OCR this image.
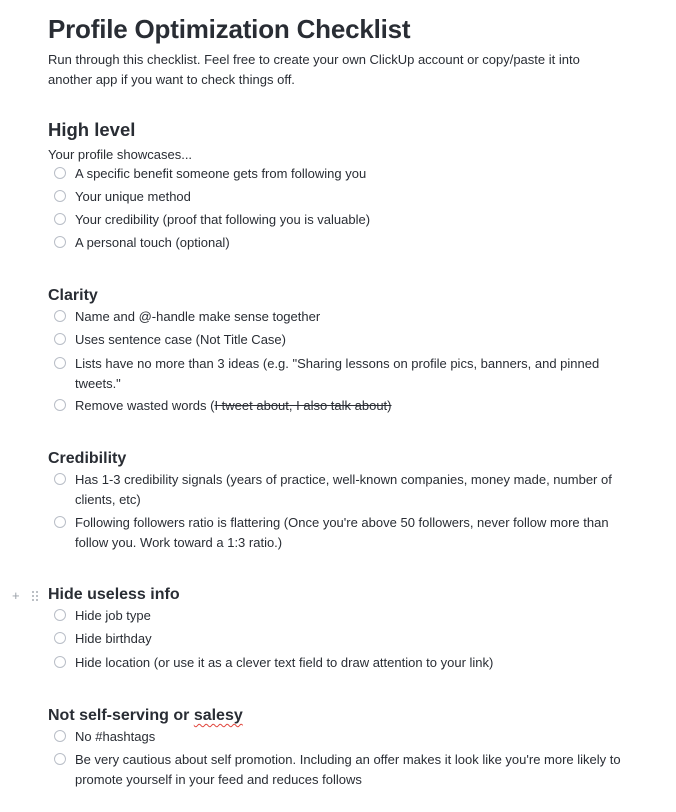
+
Profile Optimization Checklist
Run through this checklist. Feel free to create your own ClickUp account or copy/paste it into another app if you want to check things off.
High level
Your profile showcases...
A specific benefit someone gets from following you
Your unique method
Your credibility (proof that following you is valuable)
A personal touch (optional)
Clarity
Name and @-handle make sense together
Uses sentence case (Not Title Case)
Lists have no more than 3 ideas (e.g. "Sharing lessons on profile pics, banners, and pinned tweets."
Remove wasted words (I tweet about, I also talk about)
Credibility
Has 1-3 credibility signals (years of practice, well-known companies, money made, number of clients, etc)
Following followers ratio is flattering (Once you're above 50 followers, never follow more than follow you. Work toward a 1:3 ratio.)
Hide useless info
Hide job type
Hide birthday
Hide location (or use it as a clever text field to draw attention to your link)
Not self-serving or salesy
No #hashtags
Be very cautious about self promotion. Including an offer makes it look like you're more likely to promote yourself in your feed and reduces follows
